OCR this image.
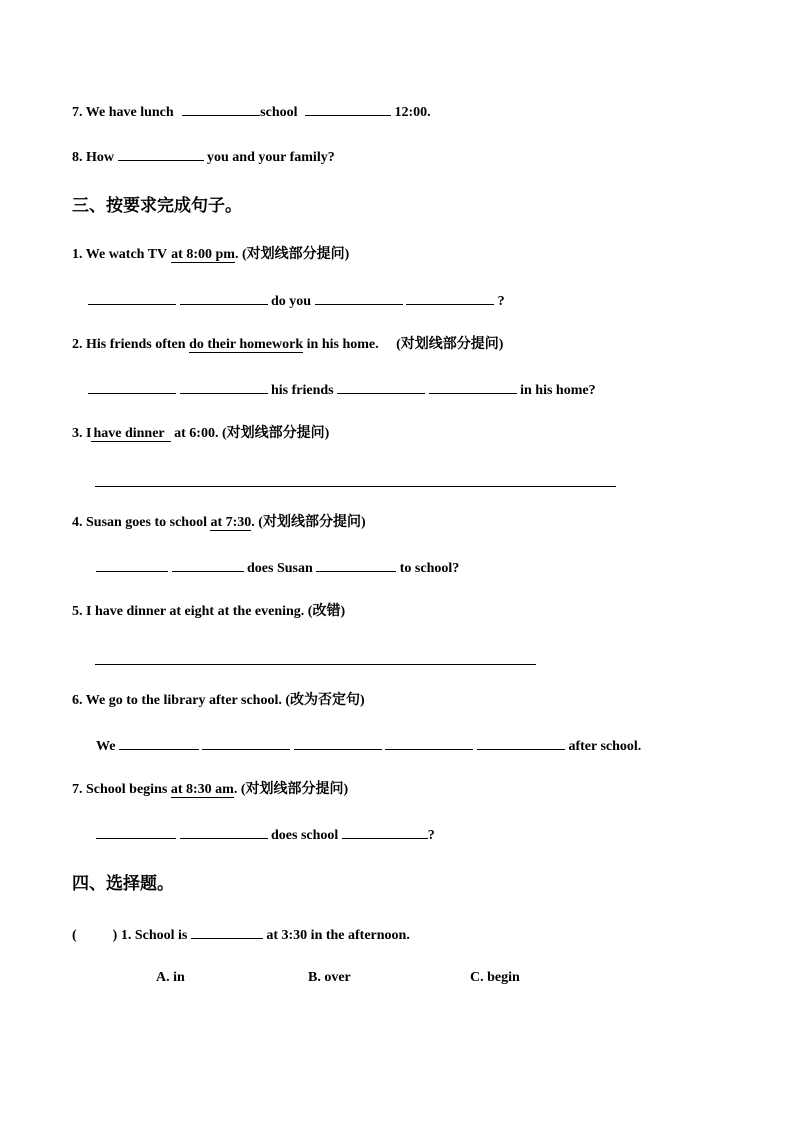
7. We have lunch	school	12:00.
8. How	you and your family?
三、按要求完成句子。
1. We watch TV at 8:00 pm. (对划线部分提问)
do you	?
2. His friends often do their homework in his home. (对划线部分提问)
his friends	in his home?
3. I have dinner at 6:00. (对划线部分提问)
4. Susan goes to school at 7:30. (对划线部分提问)
does Susan	to school?
5. I have dinner at eight at the evening. (改错)
6. We go to the library after school. (改为否定句)
We	after school.
7. School begins at 8:30 am. (对划线部分提问)
does school	?
四、选择题。
(	) 1. School is	at 3:30 in the afternoon.
A. in	B. over	C. begin
